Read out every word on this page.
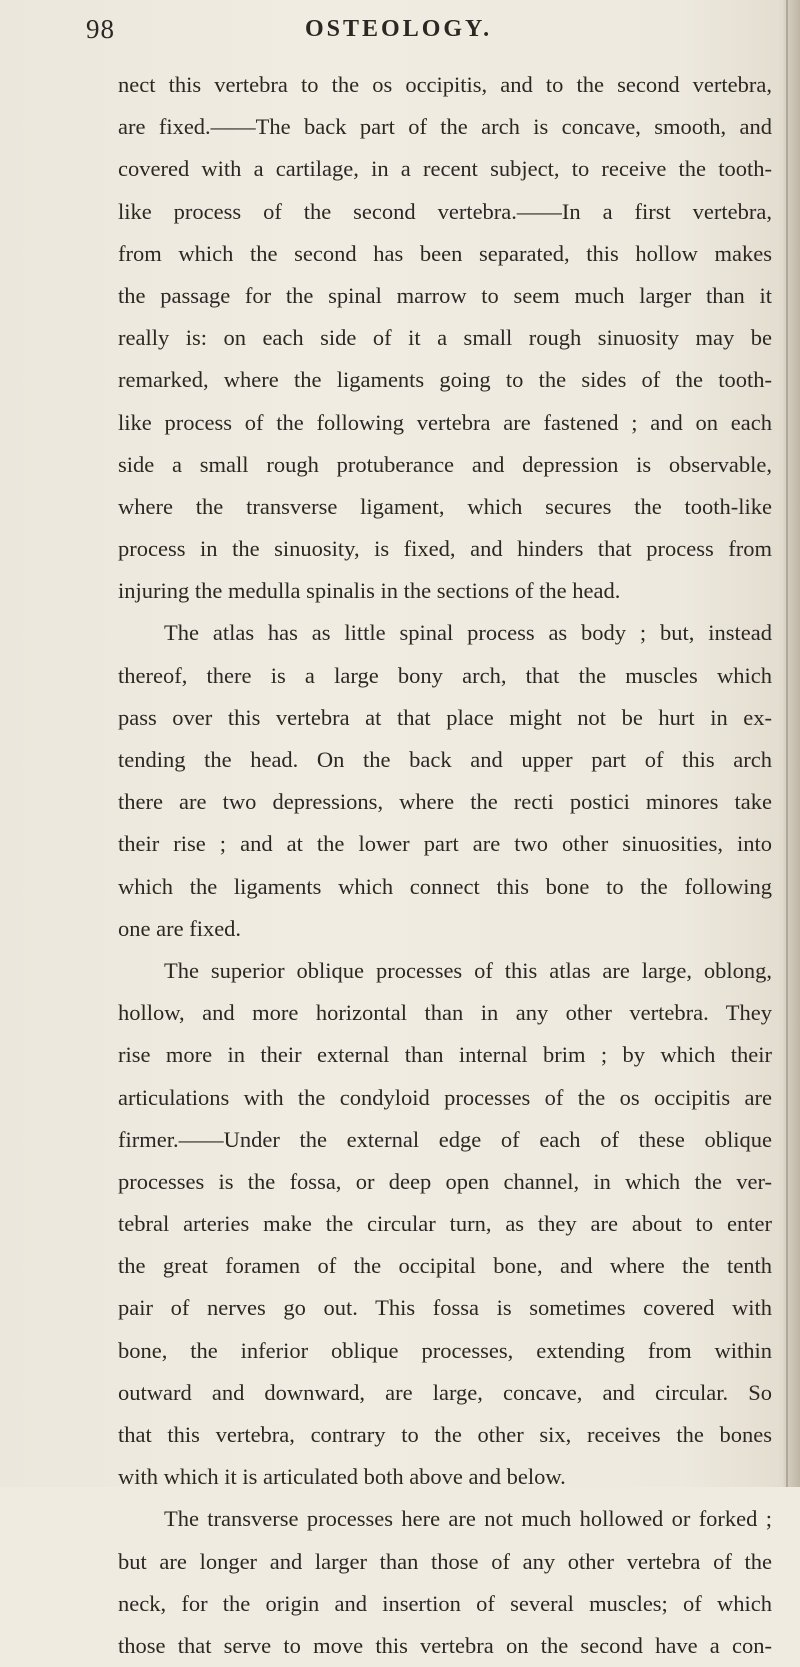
98	OSTEOLOGY.
nect this vertebra to the os occipitis, and to the second vertebra,
are fixed.——The back part of the arch is concave, smooth, and
covered with a cartilage, in a recent subject, to receive the tooth-
like process of the second vertebra.——In a first vertebra,
from which the second has been separated, this hollow makes
the passage for the spinal marrow to seem much larger than it
really is: on each side of it a small rough sinuosity may be
remarked, where the ligaments going to the sides of the tooth-
like process of the following vertebra are fastened ; and on each
side a small rough protuberance and depression is observable,
where the transverse ligament, which secures the tooth-like
process in the sinuosity, is fixed, and hinders that process from
injuring the medulla spinalis in the sections of the head.
The atlas has as little spinal process as body ; but, instead
thereof, there is a large bony arch, that the muscles which
pass over this vertebra at that place might not be hurt in ex-
tending the head. On the back and upper part of this arch
there are two depressions, where the recti postici minores take
their rise ; and at the lower part are two other sinuosities, into
which the ligaments which connect this bone to the following
one are fixed.
The superior oblique processes of this atlas are large, oblong,
hollow, and more horizontal than in any other vertebra. They
rise more in their external than internal brim ; by which their
articulations with the condyloid processes of the os occipitis are
firmer.——Under the external edge of each of these oblique
processes is the fossa, or deep open channel, in which the ver-
tebral arteries make the circular turn, as they are about to enter
the great foramen of the occipital bone, and where the tenth
pair of nerves go out. This fossa is sometimes covered with
bone, the inferior oblique processes, extending from within
outward and downward, are large, concave, and circular. So
that this vertebra, contrary to the other six, receives the bones
with which it is articulated both above and below.
The transverse processes here are not much hollowed or forked ;
but are longer and larger than those of any other vertebra of the
neck, for the origin and insertion of several muscles; of which
those that serve to move this vertebra on the second have a con-
